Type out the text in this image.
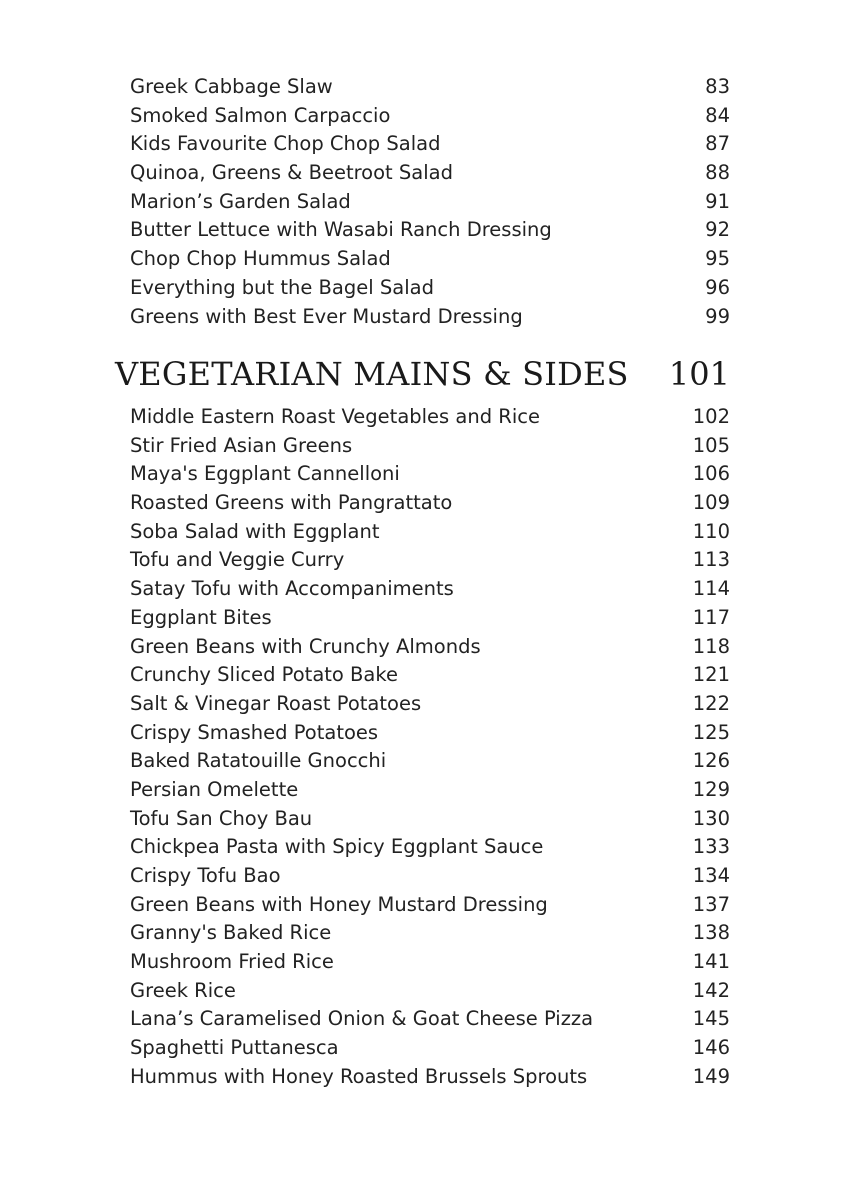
Greek Cabbage Slaw	83
Smoked Salmon Carpaccio	84
Kids Favourite Chop Chop Salad	87
Quinoa, Greens & Beetroot Salad	88
Marion’s Garden Salad	91
Butter Lettuce with Wasabi Ranch Dressing	92
Chop Chop Hummus Salad	95
Everything but the Bagel Salad	96
Greens with Best Ever Mustard Dressing	99
VEGETARIAN MAINS & SIDES 101
Middle Eastern Roast Vegetables and Rice	102
Stir Fried Asian Greens	105
Maya's Eggplant Cannelloni	106
Roasted Greens with Pangrattato	109
Soba Salad with Eggplant	110
Tofu and Veggie Curry	113
Satay Tofu with Accompaniments	114
Eggplant Bites	117
Green Beans with Crunchy Almonds	118
Crunchy Sliced Potato Bake	121
Salt & Vinegar Roast Potatoes	122
Crispy Smashed Potatoes	125
Baked Ratatouille Gnocchi	126
Persian Omelette	129
Tofu San Choy Bau	130
Chickpea Pasta with Spicy Eggplant Sauce	133
Crispy Tofu Bao	134
Green Beans with Honey Mustard Dressing	137
Granny's Baked Rice	138
Mushroom Fried Rice	141
Greek Rice	142
Lana’s Caramelised Onion & Goat Cheese Pizza	145
Spaghetti Puttanesca	146
Hummus with Honey Roasted Brussels Sprouts	149
